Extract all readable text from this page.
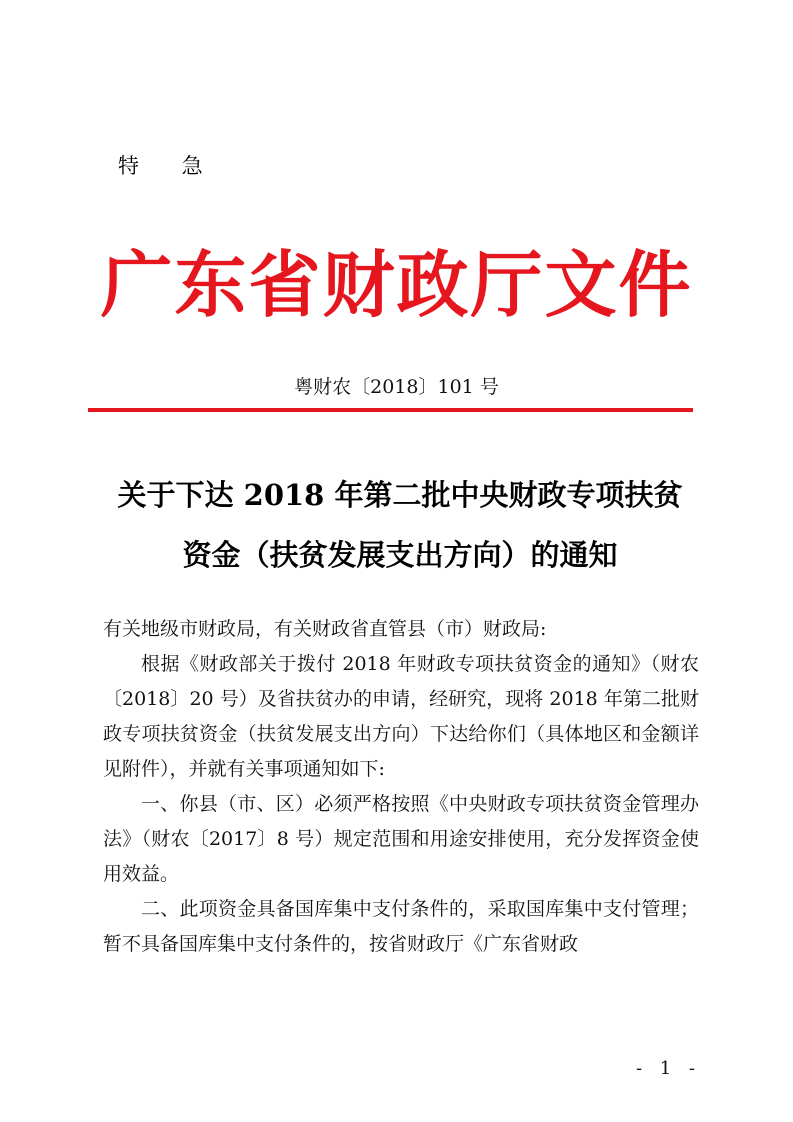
特 急
广东省财政厅文件
粤财农〔2018〕101 号
关于下达 2018 年第二批中央财政专项扶贫
资金（扶贫发展支出方向）的通知

有关地级市财政局，有关财政省直管县（市）财政局:

根据《财政部关于拨付 2018 年财政专项扶贫资金的通知》（财农〔2018〕20 号）及省扶贫办的申请，经研究，现将 2018 年第二批财政专项扶贫资金（扶贫发展支出方向）下达给你们（具体地区和金额详见附件），并就有关事项通知如下:

一、你县（市、区）必须严格按照《中央财政专项扶贫资金管理办法》（财农〔2017〕8 号）规定范围和用途安排使用，充分发挥资金使用效益。

二、此项资金具备国库集中支付条件的，采取国库集中支付管理；暂不具备国库集中支付条件的，按省财政厅《广东省财政

- 1 -
